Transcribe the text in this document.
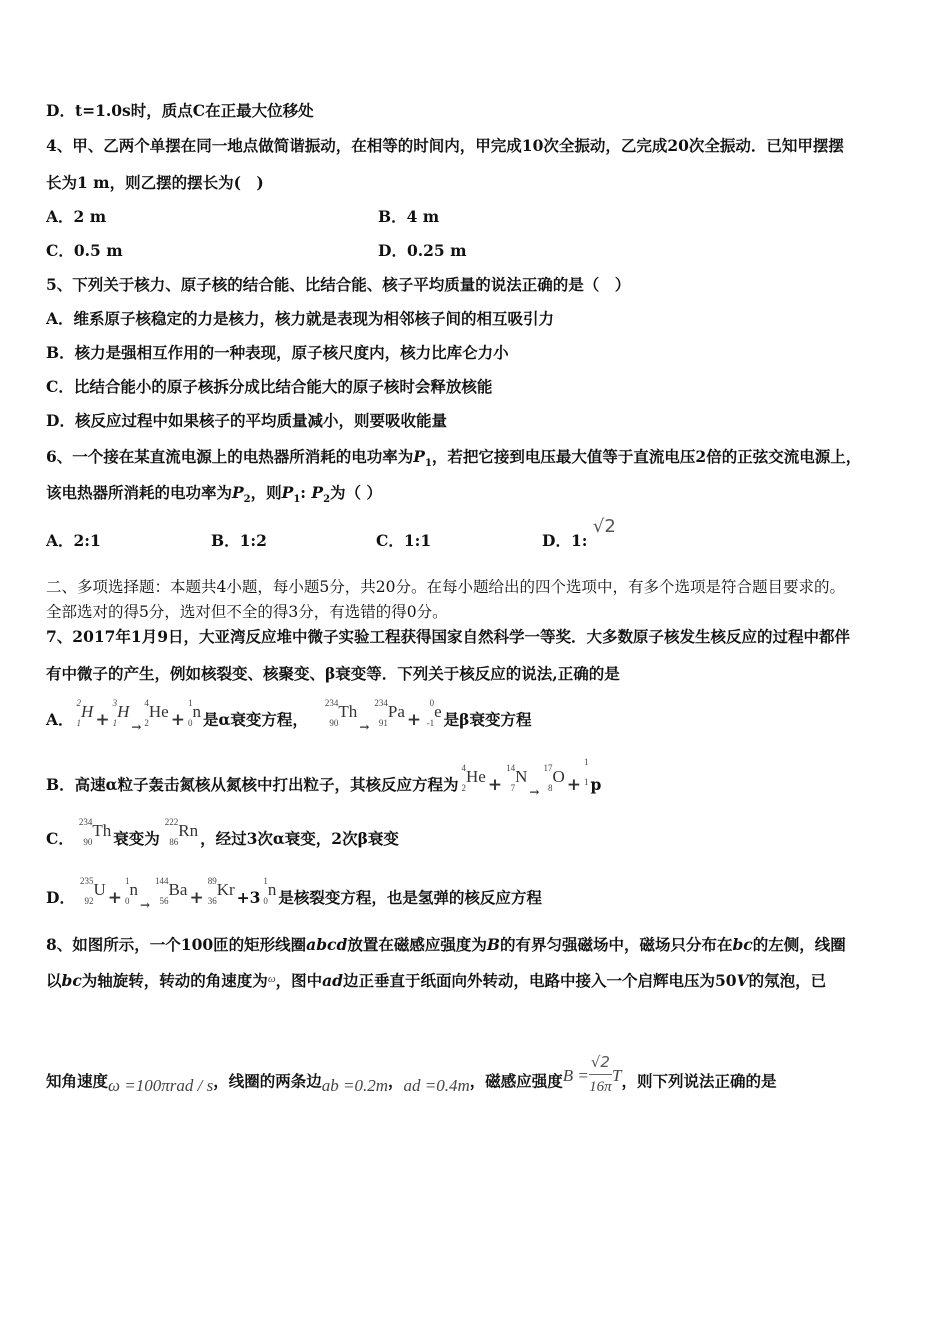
D．t=1.0s时，质点C在正最大位移处
4、甲、乙两个单摆在同一地点做简谐振动，在相等的时间内，甲完成10次全振动，乙完成20次全振动．已知甲摆摆
长为1 m，则乙摆的摆长为(　)
A．2 m	B．4 m
C．0.5 m	D．0.25 m
5、下列关于核力、原子核的结合能、比结合能、核子平均质量的说法正确的是（　）
A．维系原子核稳定的力是核力，核力就是表现为相邻核子间的相互吸引力
B．核力是强相互作用的一种表现，原子核尺度内，核力比库仑力小
C．比结合能小的原子核拆分成比结合能大的原子核时会释放核能
D．核反应过程中如果核子的平均质量减小，则要吸收能量
6、一个接在某直流电源上的电热器所消耗的电功率为$P_1$，若把它接到电压最大值等于直流电压2倍的正弦交流电源上，
该电热器所消耗的电功率为$P_2$，则$P_1$: $P_2$为（ ）
A．2:1	B．1:2	C．1:1	D．1: √2
二、多项选择题：本题共4小题，每小题5分，共20分。在每小题给出的四个选项中，有多个选项是符合题目要求的。
全部选对的得5分，选对但不全的得3分，有选错的得0分。
7、2017年1月9日，大亚湾反应堆中微子实验工程获得国家自然科学一等奖．大多数原子核发生核反应的过程中都伴
有中微子的产生，例如核裂变、核聚变、β衰变等．下列关于核反应的说法,正确的是
A．
2
1
H +
3
1
$H_\to$
4
2
He +
1
0
n 是α衰变方程，
234
90
$Th_\to$
234
91
Pa +
0
-1
e 是β衰变方程
B．高速α粒子轰击氮核从氮核中打出粒子，其核反应方程为
4
2
He +
14
7
$N_\to$
17
8
O +
1
1 p
C．
234
90
Th 衰变为
222
86
Rn ，经过3次α衰变，2次β衰变
D．
235
92
U +
1
0
$n_\to$
144
56
Ba +
89
36
Kr +3
1
0
n 是核裂变方程，也是氢弹的核反应方程
8、如图所示，一个100匝的矩形线圈abcd放置在磁感应强度为B的有界匀强磁场中，磁场只分布在bc的左侧，线圈
以bc为轴旋转，转动的角速度为$^\omega$，图中ad边正垂直于纸面向外转动，电路中接入一个启辉电压为50V的氖泡，已
知角速度ω =100πrad / s，线圈的两条边ab =0.2m，ad =0.4m，磁感应强度$B = \frac{√2}{16\pi}$ T，则下列说法正确的是
